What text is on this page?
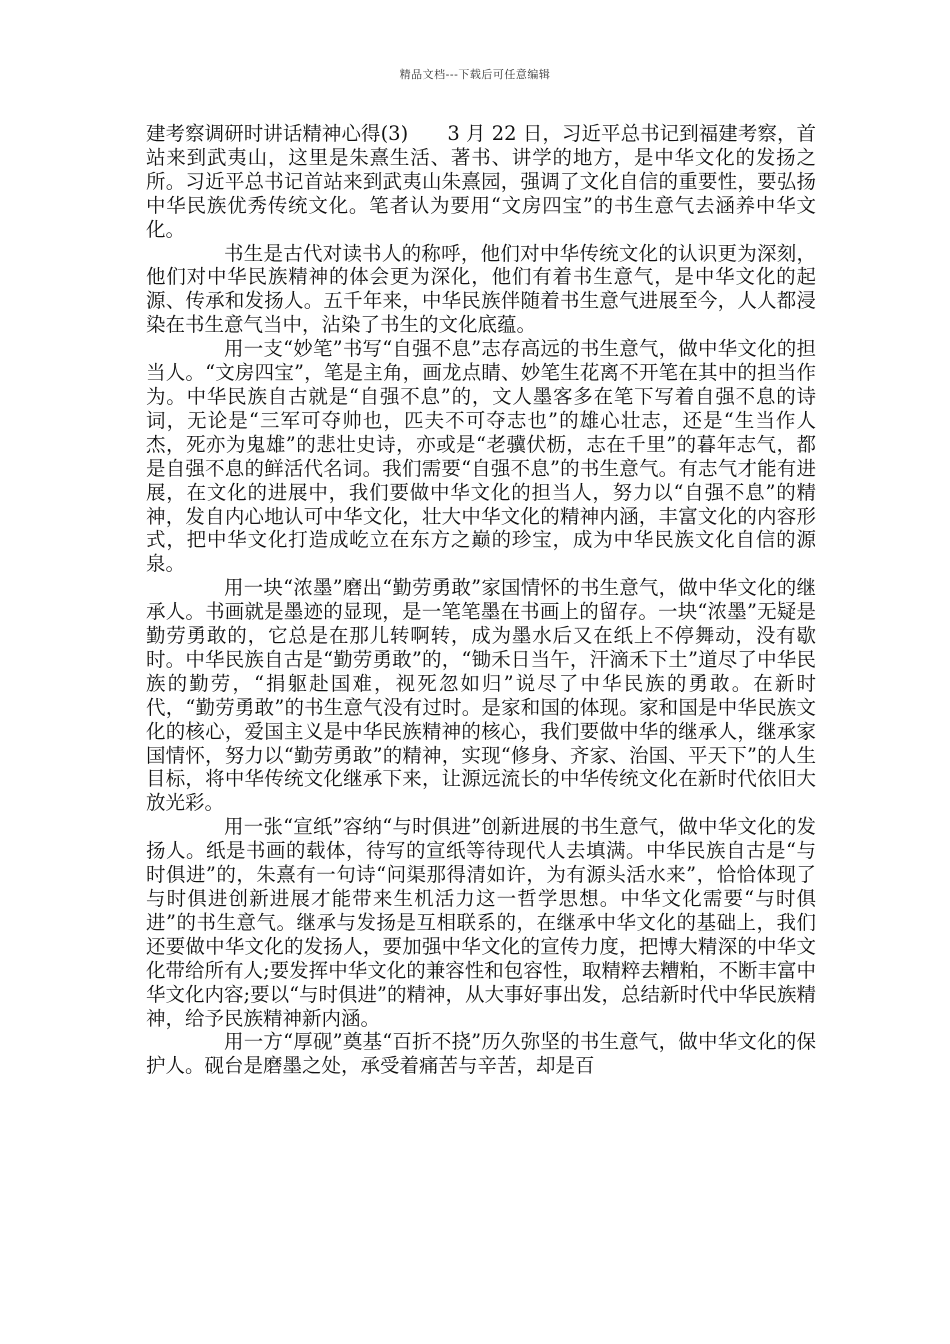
精品文档---下载后可任意编辑

建考察调研时讲话精神心得(3)　　3 月 22 日，习近平总书记到福建考察，首站来到武夷山，这里是朱熹生活、著书、讲学的地方，是中华文化的发扬之所。习近平总书记首站来到武夷山朱熹园，强调了文化自信的重要性，要弘扬中华民族优秀传统文化。笔者认为要用“文房四宝”的书生意气去涵养中华文化。

书生是古代对读书人的称呼，他们对中华传统文化的认识更为深刻，他们对中华民族精神的体会更为深化，他们有着书生意气，是中华文化的起源、传承和发扬人。五千年来，中华民族伴随着书生意气进展至今，人人都浸染在书生意气当中，沾染了书生的文化底蕴。

用一支“妙笔”书写“自强不息”志存高远的书生意气，做中华文化的担当人。“文房四宝”，笔是主角，画龙点睛、妙笔生花离不开笔在其中的担当作为。中华民族自古就是“自强不息”的，文人墨客多在笔下写着自强不息的诗词，无论是“三军可夺帅也，匹夫不可夺志也”的雄心壮志，还是“生当作人杰，死亦为鬼雄”的悲壮史诗，亦或是“老骥伏枥，志在千里”的暮年志气，都是自强不息的鲜活代名词。我们需要“自强不息”的书生意气。有志气才能有进展，在文化的进展中，我们要做中华文化的担当人，努力以“自强不息”的精神，发自内心地认可中华文化，壮大中华文化的精神内涵，丰富文化的内容形式，把中华文化打造成屹立在东方之巅的珍宝，成为中华民族文化自信的源泉。

用一块“浓墨”磨出“勤劳勇敢”家国情怀的书生意气，做中华文化的继承人。书画就是墨迹的显现，是一笔笔墨在书画上的留存。一块“浓墨”无疑是勤劳勇敢的，它总是在那儿转啊转，成为墨水后又在纸上不停舞动，没有歇时。中华民族自古是“勤劳勇敢”的，“锄禾日当午，汗滴禾下土”道尽了中华民族的勤劳，“捐躯赴国难，视死忽如归”说尽了中华民族的勇敢。在新时代，“勤劳勇敢”的书生意气没有过时。是家和国的体现。家和国是中华民族文化的核心，爱国主义是中华民族精神的核心，我们要做中华的继承人，继承家国情怀，努力以“勤劳勇敢”的精神，实现“修身、齐家、治国、平天下”的人生目标，将中华传统文化继承下来，让源远流长的中华传统文化在新时代依旧大放光彩。

用一张“宣纸”容纳“与时俱进”创新进展的书生意气，做中华文化的发扬人。纸是书画的载体，待写的宣纸等待现代人去填满。中华民族自古是“与时俱进”的，朱熹有一句诗“问渠那得清如许，为有源头活水来”，恰恰体现了与时俱进创新进展才能带来生机活力这一哲学思想。中华文化需要“与时俱进”的书生意气。继承与发扬是互相联系的，在继承中华文化的基础上，我们还要做中华文化的发扬人，要加强中华文化的宣传力度，把博大精深的中华文化带给所有人;要发挥中华文化的兼容性和包容性，取精粹去糟粕，不断丰富中华文化内容;要以“与时俱进”的精神，从大事好事出发，总结新时代中华民族精神，给予民族精神新内涵。

用一方“厚砚”奠基“百折不挠”历久弥坚的书生意气，做中华文化的保护人。砚台是磨墨之处，承受着痛苦与辛苦，却是百
